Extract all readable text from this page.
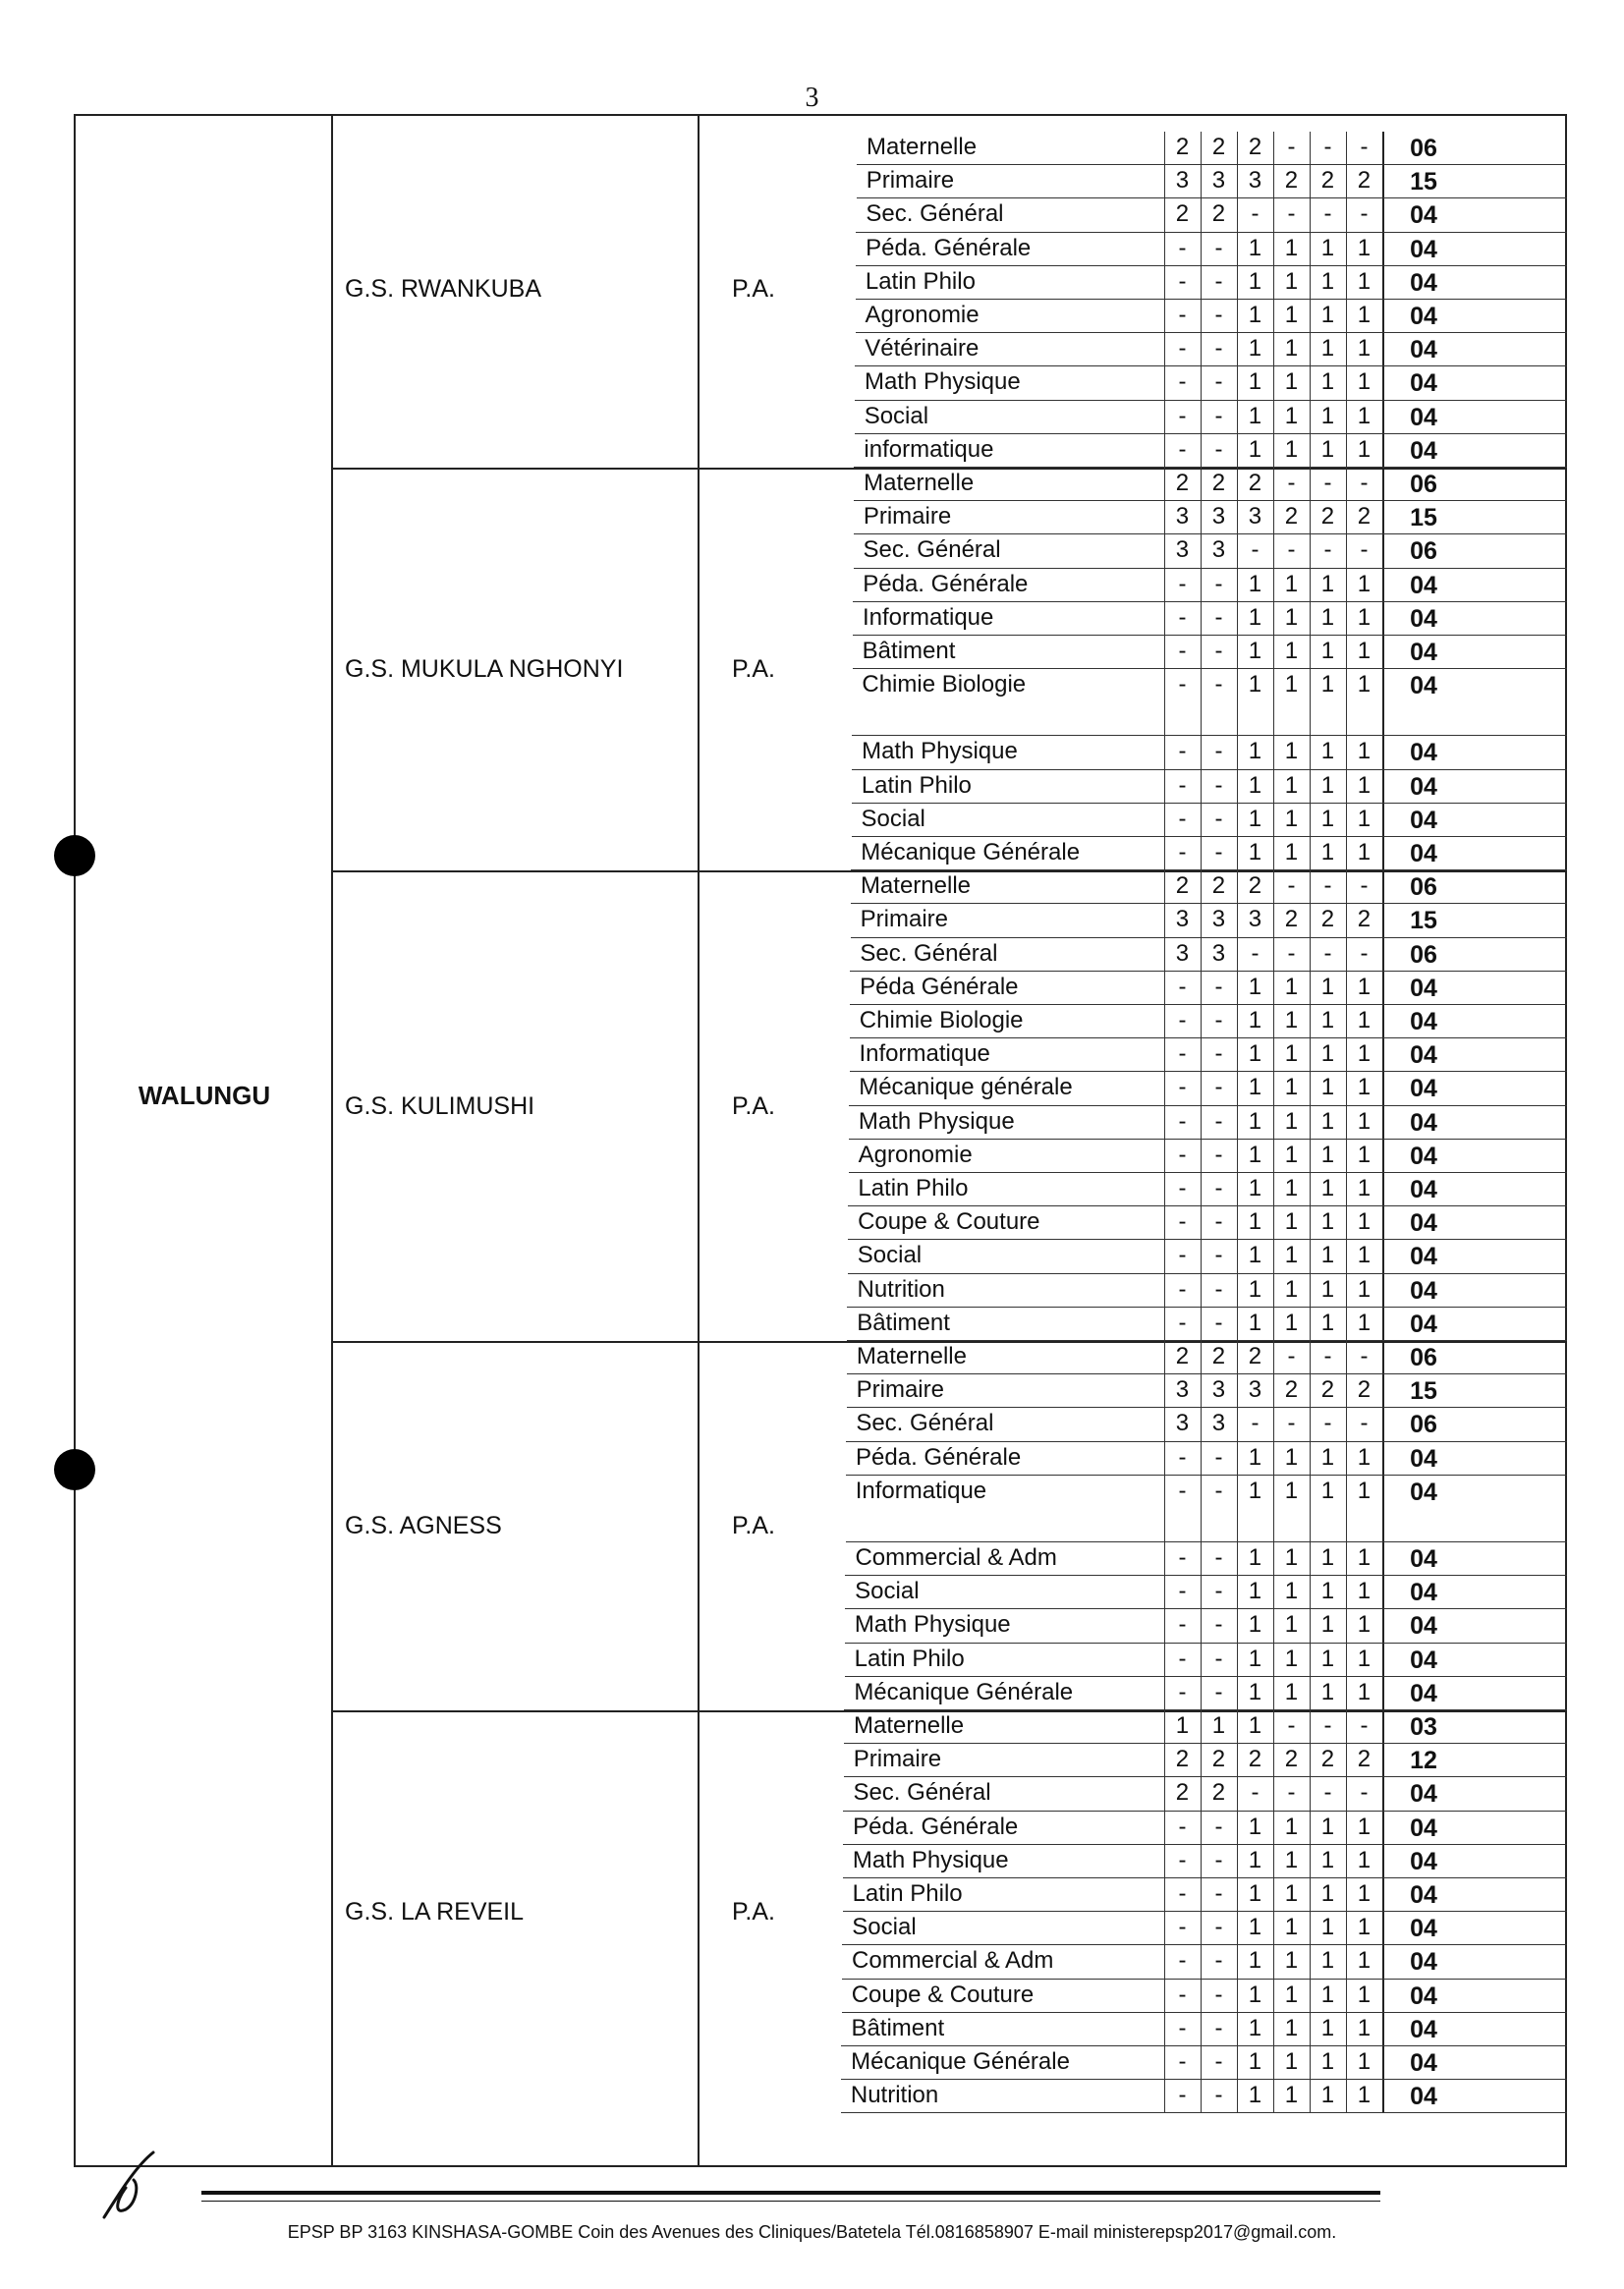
3
WALUNGU
G.S. RWANKUBA	P.A.
Maternelle	2 2 2	-	-	-	06
Primaire	3 3 3 2 2 2	15
Sec. Général	2 2	-	-	-	-	04
Péda. Générale	-	-	1 1 1 1	04
Latin Philo	-	-	1 1 1 1	04
Agronomie	-	-	1 1 1 1	04
Vétérinaire	-	-	1 1 1 1	04
Math Physique	-	-	1 1 1 1	04
Social	-	-	1 1 1 1	04
informatique	-	-	1 1 1 1	04
G.S. MUKULA NGHONYI	P.A.
Maternelle	2 2 2	-	-	-	06
Primaire	3 3 3 2 2 2	15
Sec. Général	3 3	-	-	-	-	06
Péda. Générale	-	-	1 1 1 1	04
Informatique	-	-	1 1 1 1	04
Bâtiment	-	-	1 1 1 1	04
Chimie Biologie	-	-	1 1 1 1	04
Math Physique	-	-	1 1 1 1	04
Latin Philo	-	-	1 1 1 1	04
Social	-	-	1 1 1 1	04
Mécanique Générale	-	-	1 1 1 1	04
G.S. KULIMUSHI	P.A.
Maternelle	2 2 2	-	-	-	06
Primaire	3 3 3 2 2 2	15
Sec. Général	3 3	-	-	-	-	06
Péda Générale	-	-	1 1 1 1	04
Chimie Biologie	-	-	1 1 1 1	04
Informatique	-	-	1 1 1 1	04
Mécanique générale	-	-	1 1 1 1	04
Math Physique	-	-	1 1 1 1	04
Agronomie	-	-	1 1 1 1	04
Latin Philo	-	-	1 1 1 1	04
Coupe & Couture	-	-	1 1 1 1	04
Social	-	-	1 1 1 1	04
Nutrition	-	-	1 1 1 1	04
Bâtiment	-	-	1 1 1 1	04
G.S. AGNESS	P.A.
Maternelle	2 2 2	-	-	-	06
Primaire	3 3 3 2 2 2	15
Sec. Général	3 3	-	-	-	-	06
Péda. Générale	-	-	1 1 1 1	04
Informatique	-	-	1 1 1 1	04
Commercial & Adm	-	-	1 1 1 1	04
Social	-	-	1 1 1 1	04
Math Physique	-	-	1 1 1 1	04
Latin Philo	-	-	1 1 1 1	04
Mécanique Générale	-	-	1 1 1 1	04
G.S. LA REVEIL	P.A.
Maternelle	1 1 1	-	-	-	03
Primaire	2 2 2 2 2 2	12
Sec. Général	2 2	-	-	-	-	04
Péda. Générale	-	-	1 1 1 1	04
Math Physique	-	-	1 1 1 1	04
Latin Philo	-	-	1 1 1 1	04
Social	-	-	1 1 1 1	04
Commercial & Adm	-	-	1 1 1 1	04
Coupe & Couture	-	-	1 1 1 1	04
Bâtiment	-	-	1 1 1 1	04
Mécanique Générale	-	-	1 1 1 1	04
Nutrition	-	-	1 1 1 1	04
EPSP BP 3163 KINSHASA-GOMBE Coin des Avenues des Cliniques/Batetela Tél.0816858907 E-mail ministerepsp2017@gmail.com.
